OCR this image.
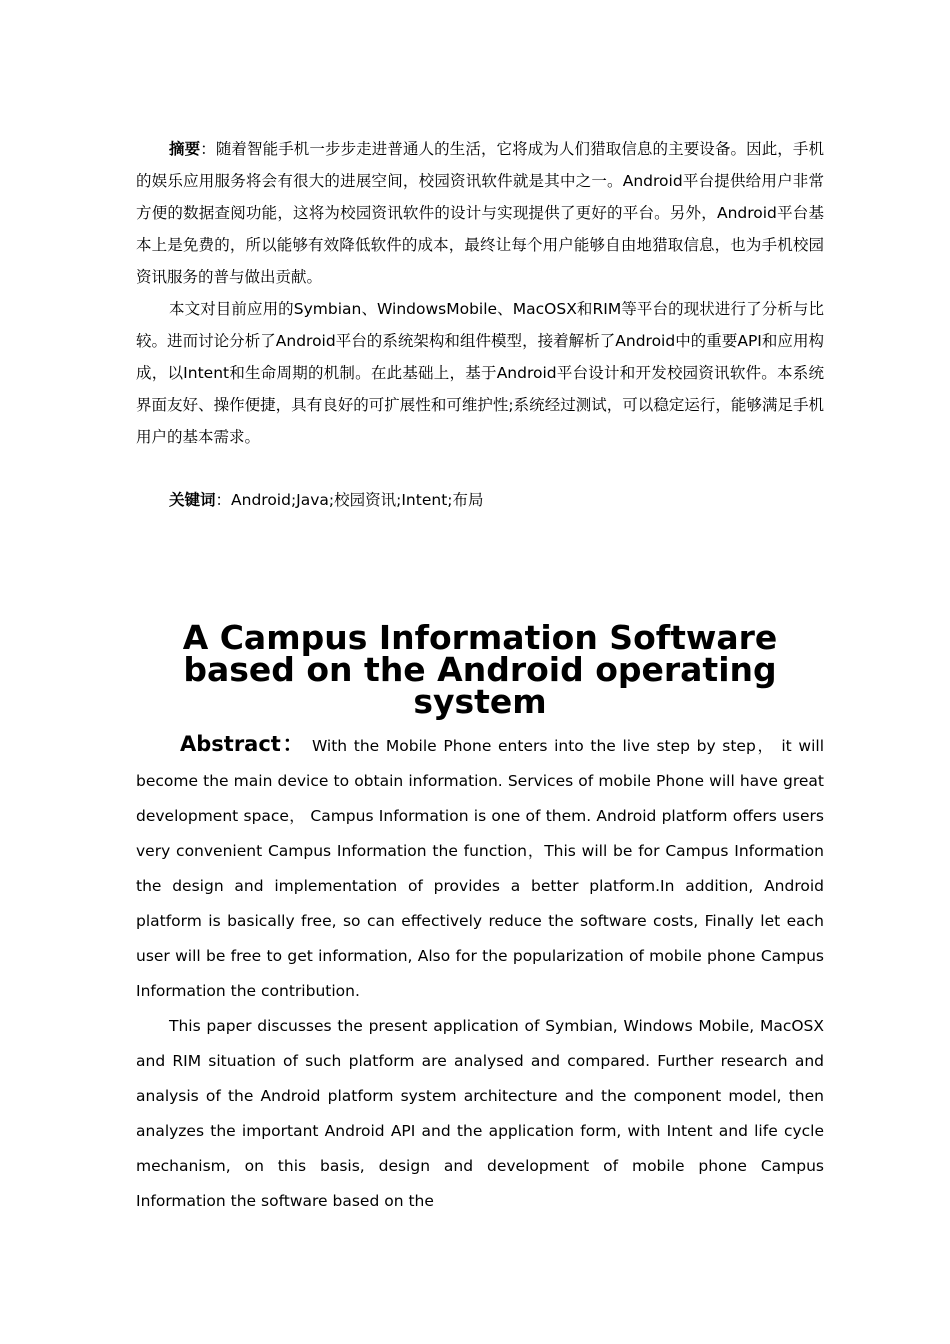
摘要：随着智能手机一步步走进普通人的生活，它将成为人们猎取信息的主要设备。因此，手机的娱乐应用服务将会有很大的进展空间，校园资讯软件就是其中之一。Android平台提供给用户非常方便的数据查阅功能，这将为校园资讯软件的设计与实现提供了更好的平台。另外，Android平台基本上是免费的，所以能够有效降低软件的成本，最终让每个用户能够自由地猎取信息，也为手机校园资讯服务的普与做出贡献。

本文对目前应用的Symbian、WindowsMobile、MacOSX和RIM等平台的现状进行了分析与比较。进而讨论分析了Android平台的系统架构和组件模型，接着解析了Android中的重要API和应用构成，以Intent和生命周期的机制。在此基础上，基于Android平台设计和开发校园资讯软件。本系统界面友好、操作便捷，具有良好的可扩展性和可维护性;系统经过测试，可以稳定运行，能够满足手机用户的基本需求。

关键词：Android;Java;校园资讯;Intent;布局

A Campus Information Software based on the Android operating system

Abstract： With the Mobile Phone enters into the live step by step， it will become the main device to obtain information. Services of mobile Phone will have great development space， Campus Information is one of them. Android platform offers users very convenient Campus Information the function，This will be for Campus Information the design and implementation of provides a better platform.In addition, Android platform is basically free, so can effectively reduce the software costs, Finally let each user will be free to get information, Also for the popularization of mobile phone Campus Information the contribution.

This paper discusses the present application of Symbian, Windows Mobile, MacOSX and RIM situation of such platform are analysed and compared. Further research and analysis of the Android platform system architecture and the component model, then analyzes the important Android API and the application form, with Intent and life cycle mechanism, on this basis, design and development of mobile phone Campus Information the software based on the
